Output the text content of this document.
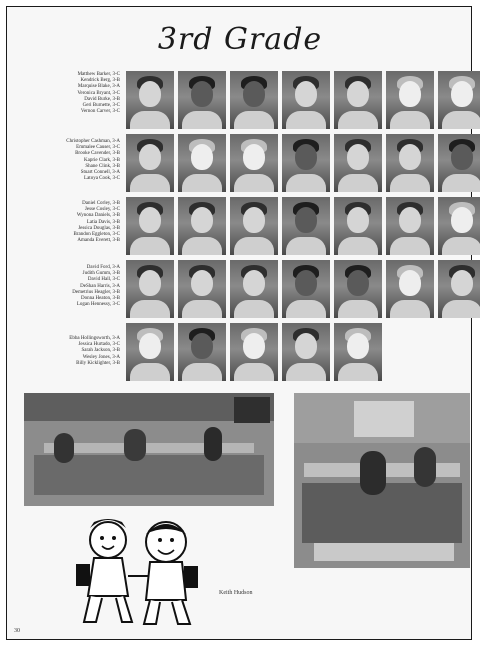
3rd Grade
Matthew Barker, 3-C
Kendrick Berg, 3-B
Marquise Blake, 3-A
Veronica Bryant, 3-C
David Burke, 3-B
Geri Burnette, 3-C
Vernon Carver, 3-C
Christopher Cashman, 3-A
Emmalee Causer, 3-C
Brooke Cavender, 3-B
Kaprie Clark, 3-B
Shane Clink, 3-B
Stuart Connell, 3-A
Latoya Cook, 3-C
Daniel Corley, 3-B
Jesse Cosley, 3-C
Wynona Daniels, 3-B
Latia Davis, 3-B
Jessica Douglas, 3-B
Brandon Eggleton, 3-C
Amanda Everett, 3-B
David Ford, 3-A
Judith Gumm, 3-B
David Hall, 3-C
DeShan Harris, 3-A
Demetrius Heagler, 3-B
Donna Heaton, 3-B
Logan Hennessy, 3-C
Ebba Hollingsworth, 3-A
Jessica Hurtado, 3-C
Sarah Jackson, 3-B
Wesley Jones, 3-A
Billy Kicklighter, 3-B
Keith Hudson
30
